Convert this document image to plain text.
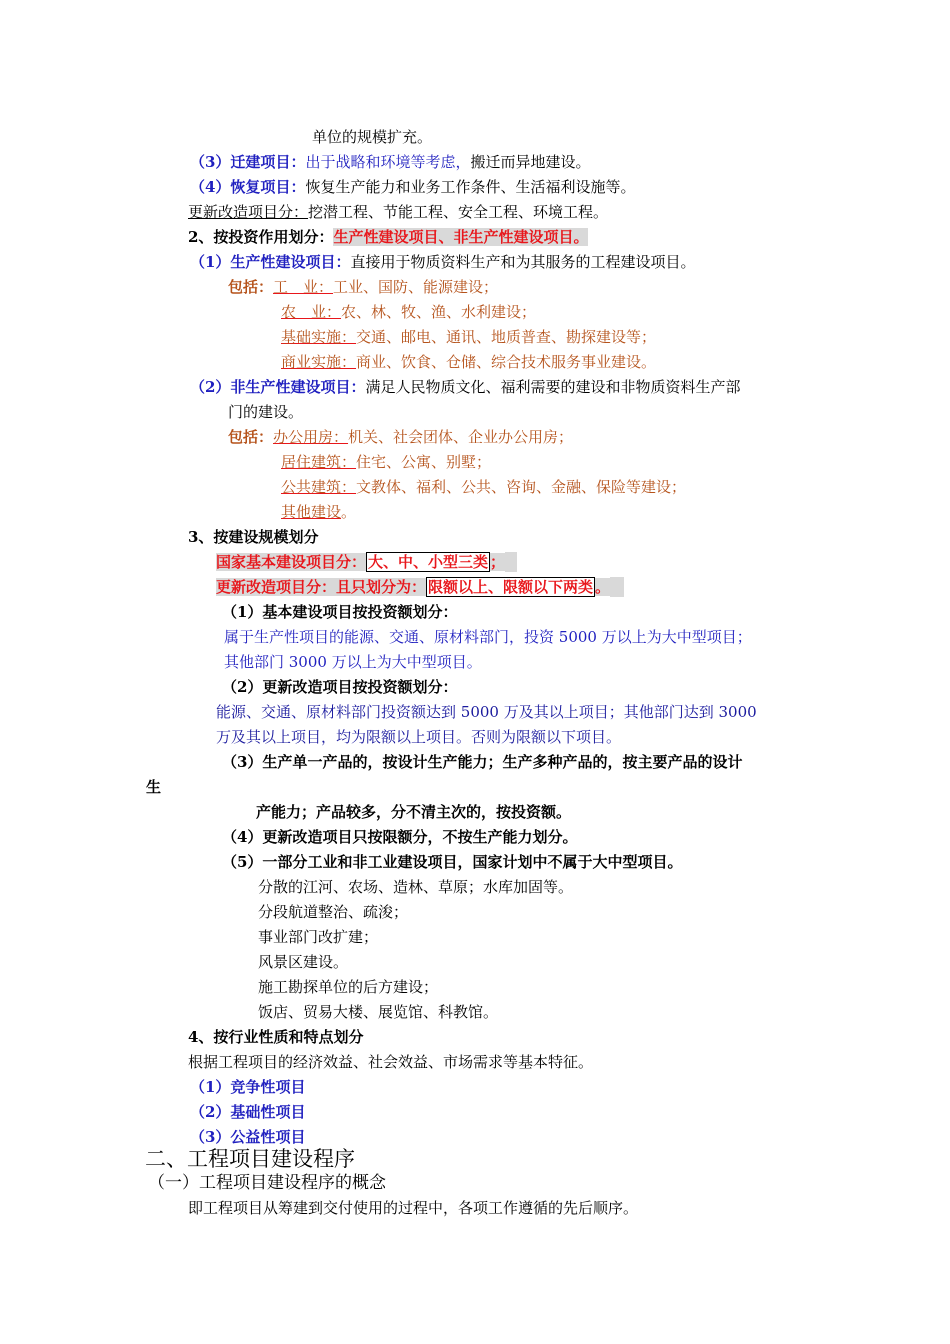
单位的规模扩充。
（3）迁建项目：出于战略和环境等考虑，搬迁而异地建设。
（4）恢复项目：恢复生产能力和业务工作条件、生活福利设施等。
更新改造项目分：挖潜工程、节能工程、安全工程、环境工程。
2、按投资作用划分：生产性建设项目、非生产性建设项目。
（1）生产性建设项目：直接用于物质资料生产和为其服务的工程建设项目。
包括：工　业：工业、国防、能源建设；
农　业：农、林、牧、渔、水利建设；
基础实施：交通、邮电、通讯、地质普查、勘探建设等；
商业实施：商业、饮食、仓储、综合技术服务事业建设。
（2）非生产性建设项目：满足人民物质文化、福利需要的建设和非物质资料生产部
门的建设。
包括：办公用房：机关、社会团体、企业办公用房；
居住建筑：住宅、公寓、别墅；
公共建筑：文教体、福利、公共、咨询、金融、保险等建设；
其他建设。
3、按建设规模划分
国家基本建设项目分： 大、中、小型三类 ；
更新改造项目分：且只划分为： 限额以上、限额以下两类 。
（1）基本建设项目按投资额划分：
属于生产性项目的能源、交通、原材料部门，投资 5000 万以上为大中型项目；
其他部门 3000 万以上为大中型项目。
（2）更新改造项目按投资额划分：
能源、交通、原材料部门投资额达到 5000 万及其以上项目；其他部门达到 3000
万及其以上项目，均为限额以上项目。否则为限额以下项目。
（3）生产单一产品的，按设计生产能力；生产多种产品的，按主要产品的设计
生
产能力；产品较多，分不清主次的，按投资额。
（4）更新改造项目只按限额分，不按生产能力划分。
（5）一部分工业和非工业建设项目，国家计划中不属于大中型项目。
分散的江河、农场、造林、草原；水库加固等。
分段航道整治、疏浚；
事业部门改扩建；
风景区建设。
施工勘探单位的后方建设；
饭店、贸易大楼、展览馆、科教馆。
4、按行业性质和特点划分
根据工程项目的经济效益、社会效益、市场需求等基本特征。
（1）竞争性项目
（2）基础性项目
（3）公益性项目
二、工程项目建设程序
（一）工程项目建设程序的概念
即工程项目从筹建到交付使用的过程中，各项工作遵循的先后顺序。
